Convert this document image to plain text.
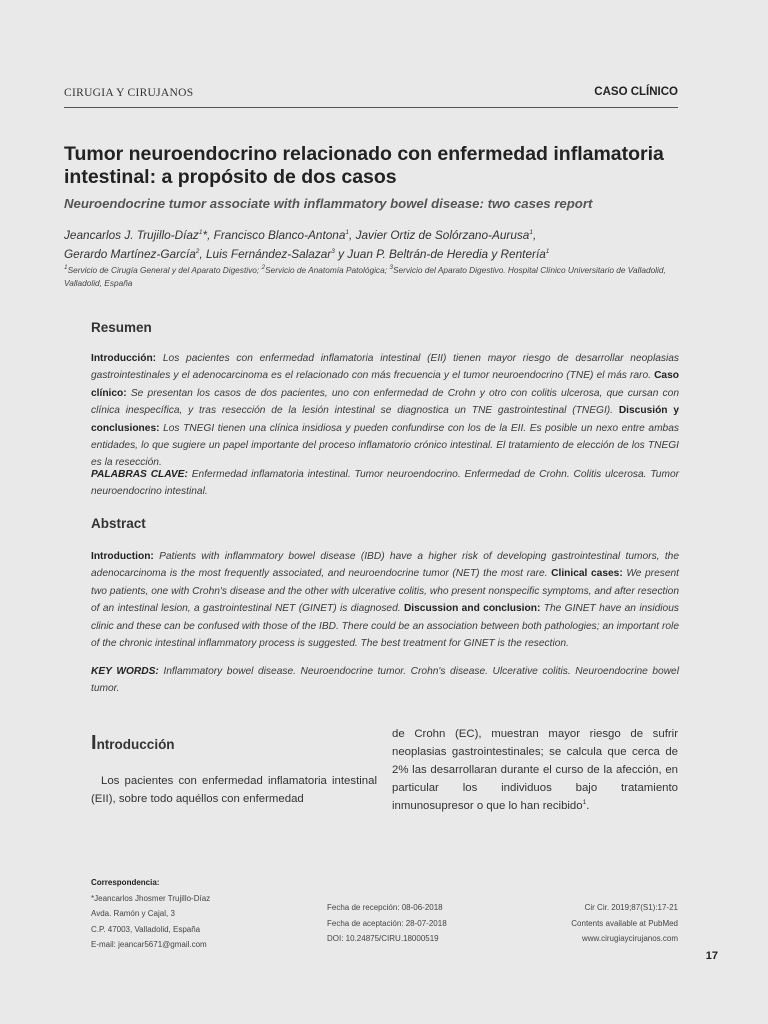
CIRUGIA Y CIRUJANOS	CASO CLÍNICO
Tumor neuroendocrino relacionado con enfermedad inflamatoria intestinal: a propósito de dos casos
Neuroendocrine tumor associate with inflammatory bowel disease: two cases report
Jeancarlos J. Trujillo-Díaz$^1$*, Francisco Blanco-Antona$^1$, Javier Ortiz de Solórzano-Aurusa$^1$,
Gerardo Martínez-García$^2$, Luis Fernández-Salazar$^3$ y Juan P. Beltrán-de Heredia y Rentería$^1$
$^1$Servicio de Cirugía General y del Aparato Digestivo; $^2$Servicio de Anatomía Patológica; $^3$Servicio del Aparato Digestivo. Hospital Clínico Universitario de Valladolid, Valladolid, España
Resumen

Introducción: Los pacientes con enfermedad inflamatoria intestinal (EII) tienen mayor riesgo de desarrollar neoplasias gastrointestinales y el adenocarcinoma es el relacionado con más frecuencia y el tumor neuroendocrino (TNE) el más raro. Caso clínico: Se presentan los casos de dos pacientes, uno con enfermedad de Crohn y otro con colitis ulcerosa, que cursan con clínica inespecífica, y tras resección de la lesión intestinal se diagnostica un TNE gastrointestinal (TNEGI). Discusión y conclusiones: Los TNEGI tienen una clínica insidiosa y pueden confundirse con los de la EII. Es posible un nexo entre ambas entidades, lo que sugiere un papel importante del proceso inflamatorio crónico intestinal. El tratamiento de elección de los TNEGI es la resección.

PALABRAS CLAVE: Enfermedad inflamatoria intestinal. Tumor neuroendocrino. Enfermedad de Crohn. Colitis ulcerosa. Tumor neuroendocrino intestinal.

Abstract

Introduction: Patients with inflammatory bowel disease (IBD) have a higher risk of developing gastrointestinal tumors, the adenocarcinoma is the most frequently associated, and neuroendocrine tumor (NET) the most rare. Clinical cases: We present two patients, one with Crohn's disease and the other with ulcerative colitis, who present nonspecific symptoms, and after resection of an intestinal lesion, a gastrointestinal NET (GINET) is diagnosed. Discussion and conclusion: The GINET have an insidious clinic and these can be confused with those of the IBD. There could be an association between both pathologies; an important role of the chronic intestinal inflammatory process is suggested. The best treatment for GINET is the resection.

KEY WORDS: Inflammatory bowel disease. Neuroendocrine tumor. Crohn's disease. Ulcerative colitis. Neuroendocrine bowel tumor.

Introducción

Los pacientes con enfermedad inflamatoria intestinal (EII), sobre todo aquéllos con enfermedad

de Crohn (EC), muestran mayor riesgo de sufrir neoplasias gastrointestinales; se calcula que cerca de 2% las desarrollaran durante el curso de la afección, en particular los individuos bajo tratamiento inmunosupresor o que lo han recibido$^1$.

Correspondencia:
*Jeancarlos Jhosmer Trujillo-Díaz
Avda. Ramón y Cajal, 3
C.P. 47003, Valladolid, España
E-mail: jeancar5671@gmail.com
Fecha de recepción: 08-06-2018
Fecha de aceptación: 28-07-2018
DOI: 10.24875/CIRU.18000519
Cir Cir. 2019;87(S1):17-21
Contents available at PubMed
www.cirugiaycirujanos.com
17
